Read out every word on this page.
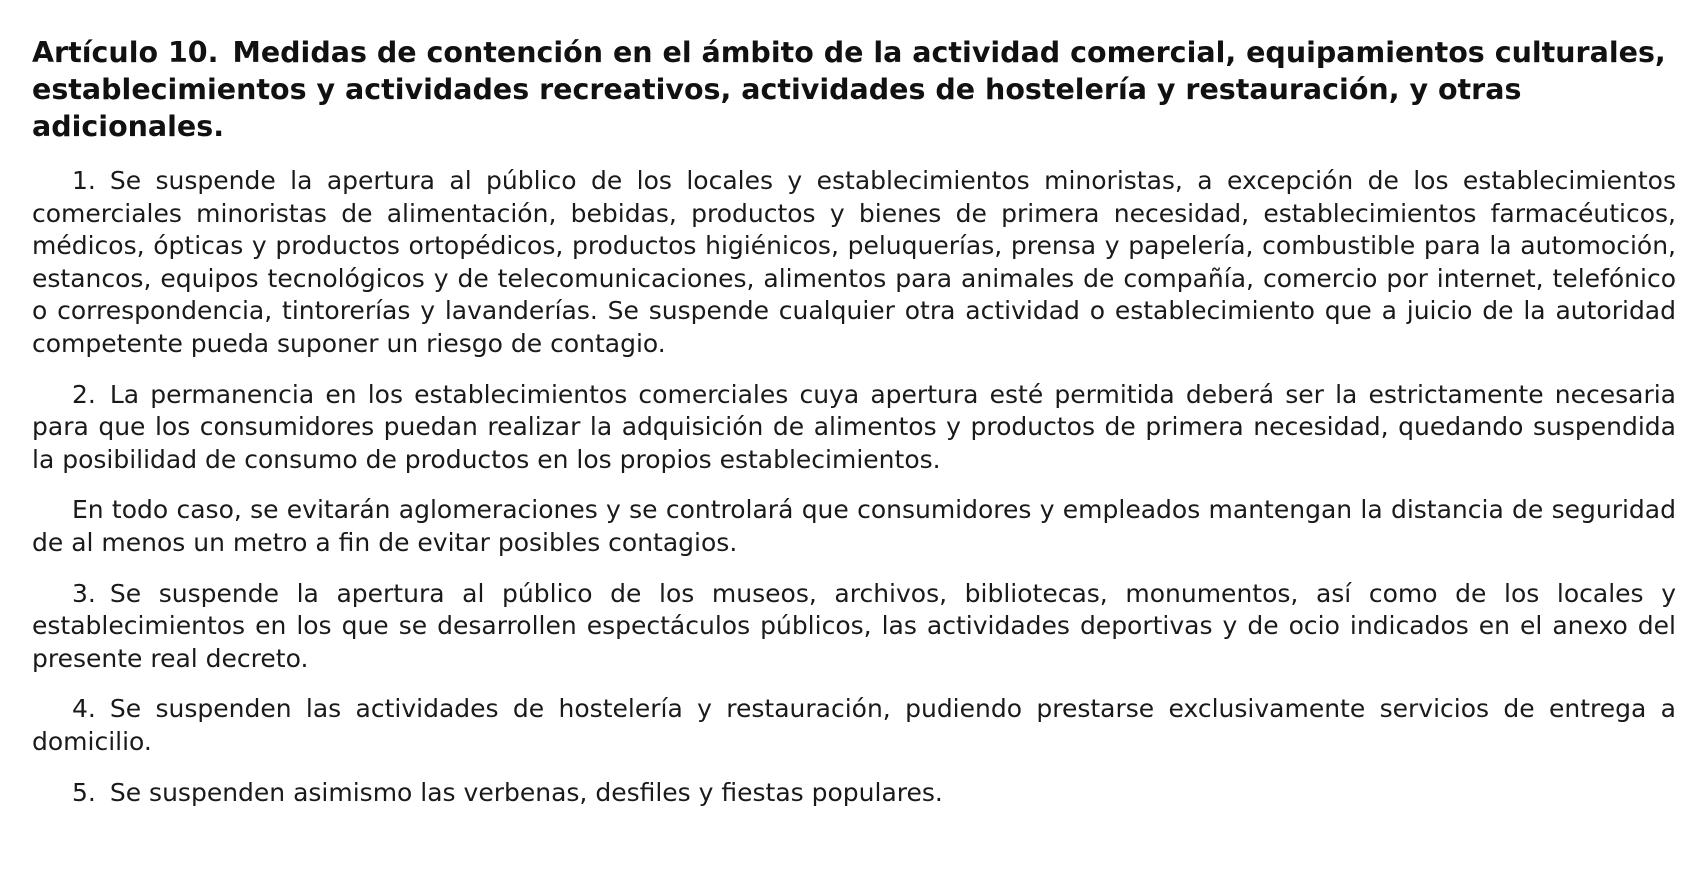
Artículo 10. Medidas de contención en el ámbito de la actividad comercial, equipamientos culturales, establecimientos y actividades recreativos, actividades de hostelería y restauración, y otras adicionales.

1. Se suspende la apertura al público de los locales y establecimientos minoristas, a excepción de los establecimientos comerciales minoristas de alimentación, bebidas, productos y bienes de primera necesidad, establecimientos farmacéuticos, médicos, ópticas y productos ortopédicos, productos higiénicos, peluquerías, prensa y papelería, combustible para la automoción, estancos, equipos tecnológicos y de telecomunicaciones, alimentos para animales de compañía, comercio por internet, telefónico o correspondencia, tintorerías y lavanderías. Se suspende cualquier otra actividad o establecimiento que a juicio de la autoridad competente pueda suponer un riesgo de contagio.

2. La permanencia en los establecimientos comerciales cuya apertura esté permitida deberá ser la estrictamente necesaria para que los consumidores puedan realizar la adquisición de alimentos y productos de primera necesidad, quedando suspendida la posibilidad de consumo de productos en los propios establecimientos.

En todo caso, se evitarán aglomeraciones y se controlará que consumidores y empleados mantengan la distancia de seguridad de al menos un metro a fin de evitar posibles contagios.

3. Se suspende la apertura al público de los museos, archivos, bibliotecas, monumentos, así como de los locales y establecimientos en los que se desarrollen espectáculos públicos, las actividades deportivas y de ocio indicados en el anexo del presente real decreto.

4. Se suspenden las actividades de hostelería y restauración, pudiendo prestarse exclusivamente servicios de entrega a domicilio.

5. Se suspenden asimismo las verbenas, desfiles y fiestas populares.
